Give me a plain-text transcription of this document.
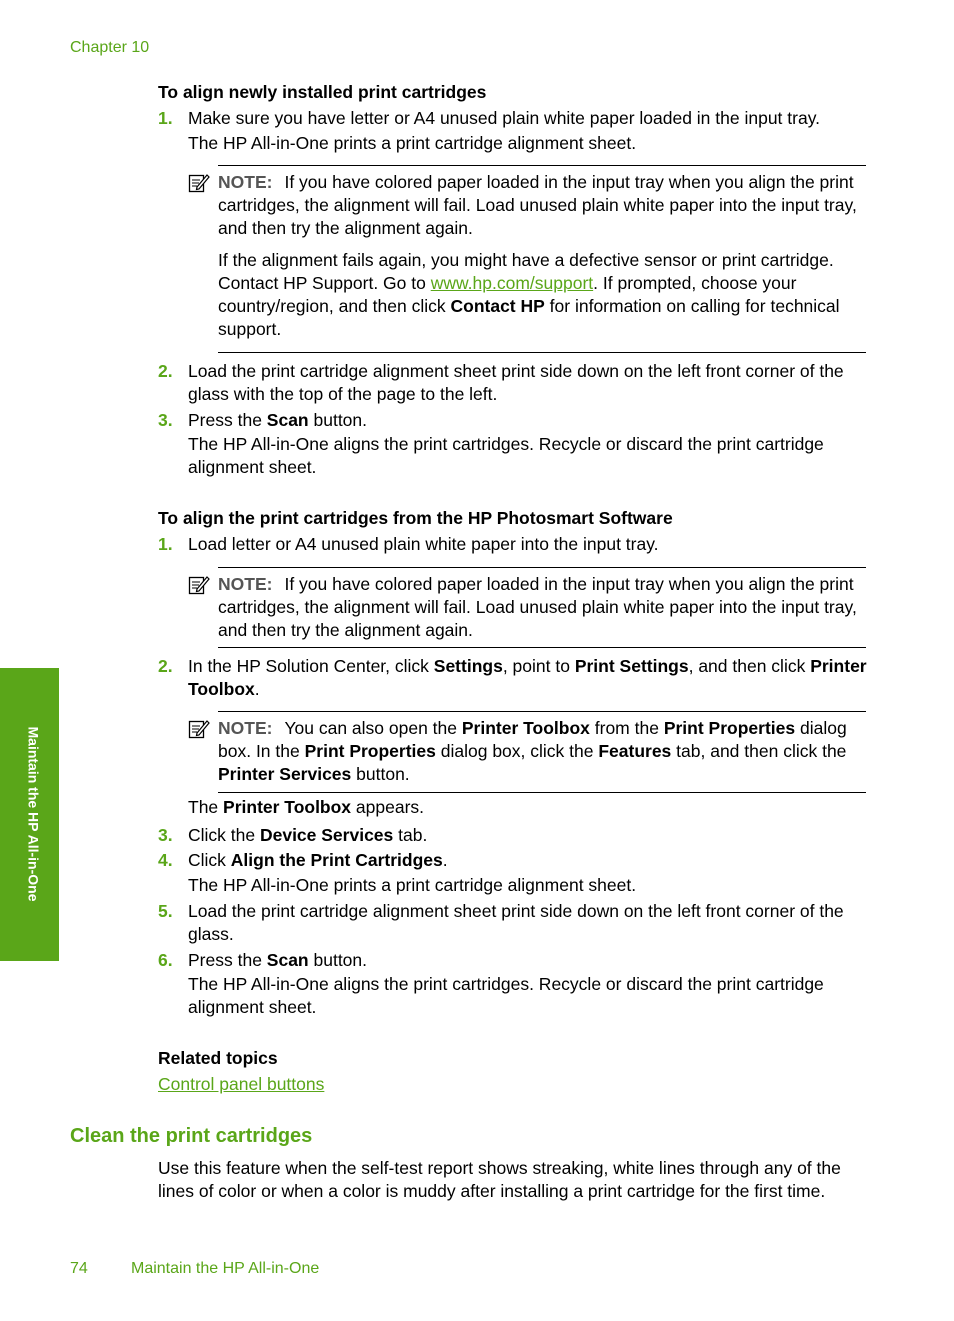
Chapter 10
Maintain the HP All-in-One
To align newly installed print cartridges
1. Make sure you have letter or A4 unused plain white paper loaded in the input tray.
The HP All-in-One prints a print cartridge alignment sheet.
NOTE: If you have colored paper loaded in the input tray when you align the print cartridges, the alignment will fail. Load unused plain white paper into the input tray, and then try the alignment again.
If the alignment fails again, you might have a defective sensor or print cartridge. Contact HP Support. Go to www.hp.com/support. If prompted, choose your country/region, and then click Contact HP for information on calling for technical support.
2. Load the print cartridge alignment sheet print side down on the left front corner of the glass with the top of the page to the left.
3. Press the Scan button.
The HP All-in-One aligns the print cartridges. Recycle or discard the print cartridge alignment sheet.
To align the print cartridges from the HP Photosmart Software
1. Load letter or A4 unused plain white paper into the input tray.
NOTE: If you have colored paper loaded in the input tray when you align the print cartridges, the alignment will fail. Load unused plain white paper into the input tray, and then try the alignment again.
2. In the HP Solution Center, click Settings, point to Print Settings, and then click Printer Toolbox.
NOTE: You can also open the Printer Toolbox from the Print Properties dialog box. In the Print Properties dialog box, click the Features tab, and then click the Printer Services button.
The Printer Toolbox appears.
3. Click the Device Services tab.
4. Click Align the Print Cartridges.
The HP All-in-One prints a print cartridge alignment sheet.
5. Load the print cartridge alignment sheet print side down on the left front corner of the glass.
6. Press the Scan button.
The HP All-in-One aligns the print cartridges. Recycle or discard the print cartridge alignment sheet.
Related topics
Control panel buttons
Clean the print cartridges
Use this feature when the self-test report shows streaking, white lines through any of the lines of color or when a color is muddy after installing a print cartridge for the first time.
74	Maintain the HP All-in-One
